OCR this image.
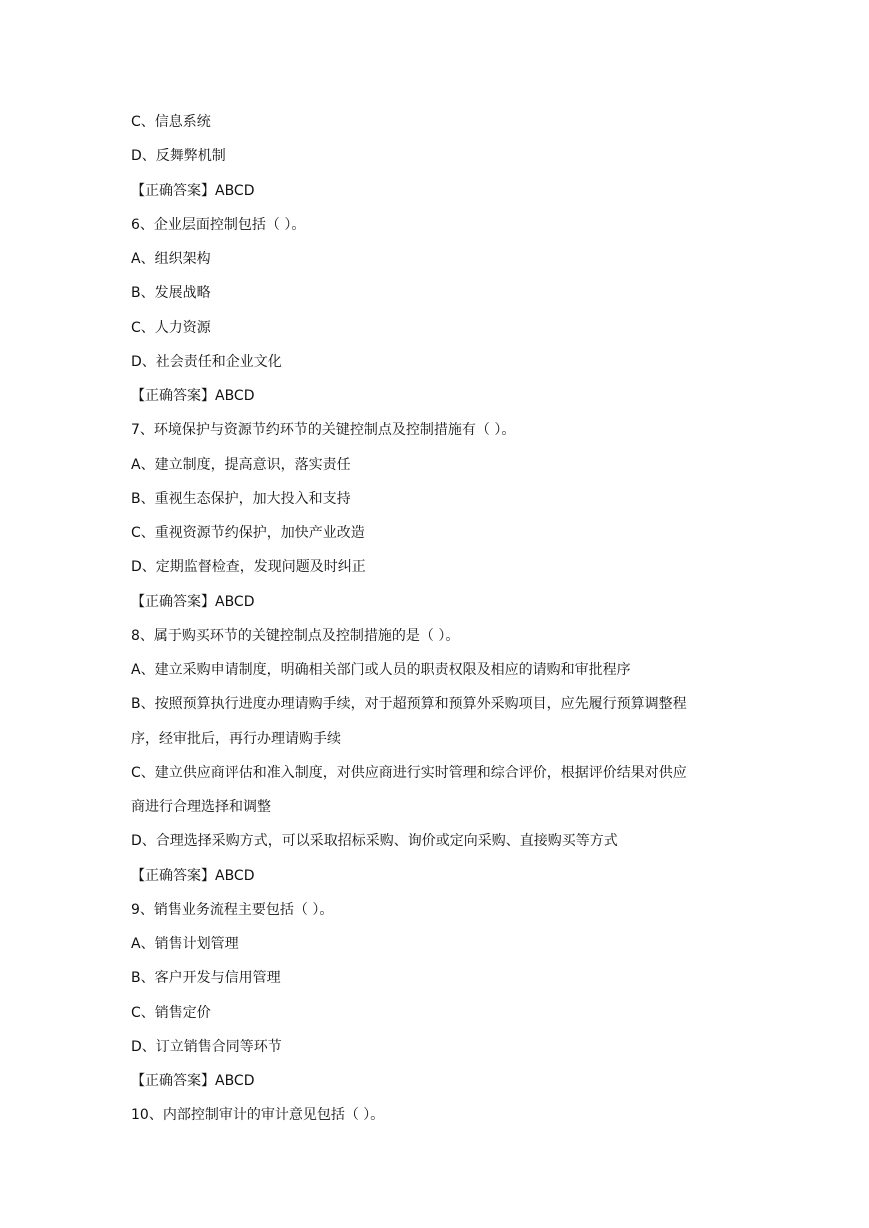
C、信息系统
D、反舞弊机制
【正确答案】ABCD
6、企业层面控制包括（ ）。
A、组织架构
B、发展战略
C、人力资源
D、社会责任和企业文化
【正确答案】ABCD
7、环境保护与资源节约环节的关键控制点及控制措施有（ ）。
A、建立制度，提高意识，落实责任
B、重视生态保护，加大投入和支持
C、重视资源节约保护，加快产业改造
D、定期监督检查，发现问题及时纠正
【正确答案】ABCD
8、属于购买环节的关键控制点及控制措施的是（ ）。
A、建立采购申请制度，明确相关部门或人员的职责权限及相应的请购和审批程序
B、按照预算执行进度办理请购手续，对于超预算和预算外采购项目，应先履行预算调整程
序，经审批后，再行办理请购手续
C、建立供应商评估和准入制度，对供应商进行实时管理和综合评价，根据评价结果对供应
商进行合理选择和调整
D、合理选择采购方式，可以采取招标采购、询价或定向采购、直接购买等方式
【正确答案】ABCD
9、销售业务流程主要包括（ ）。
A、销售计划管理
B、客户开发与信用管理
C、销售定价
D、订立销售合同等环节
【正确答案】ABCD
10、内部控制审计的审计意见包括（ ）。
